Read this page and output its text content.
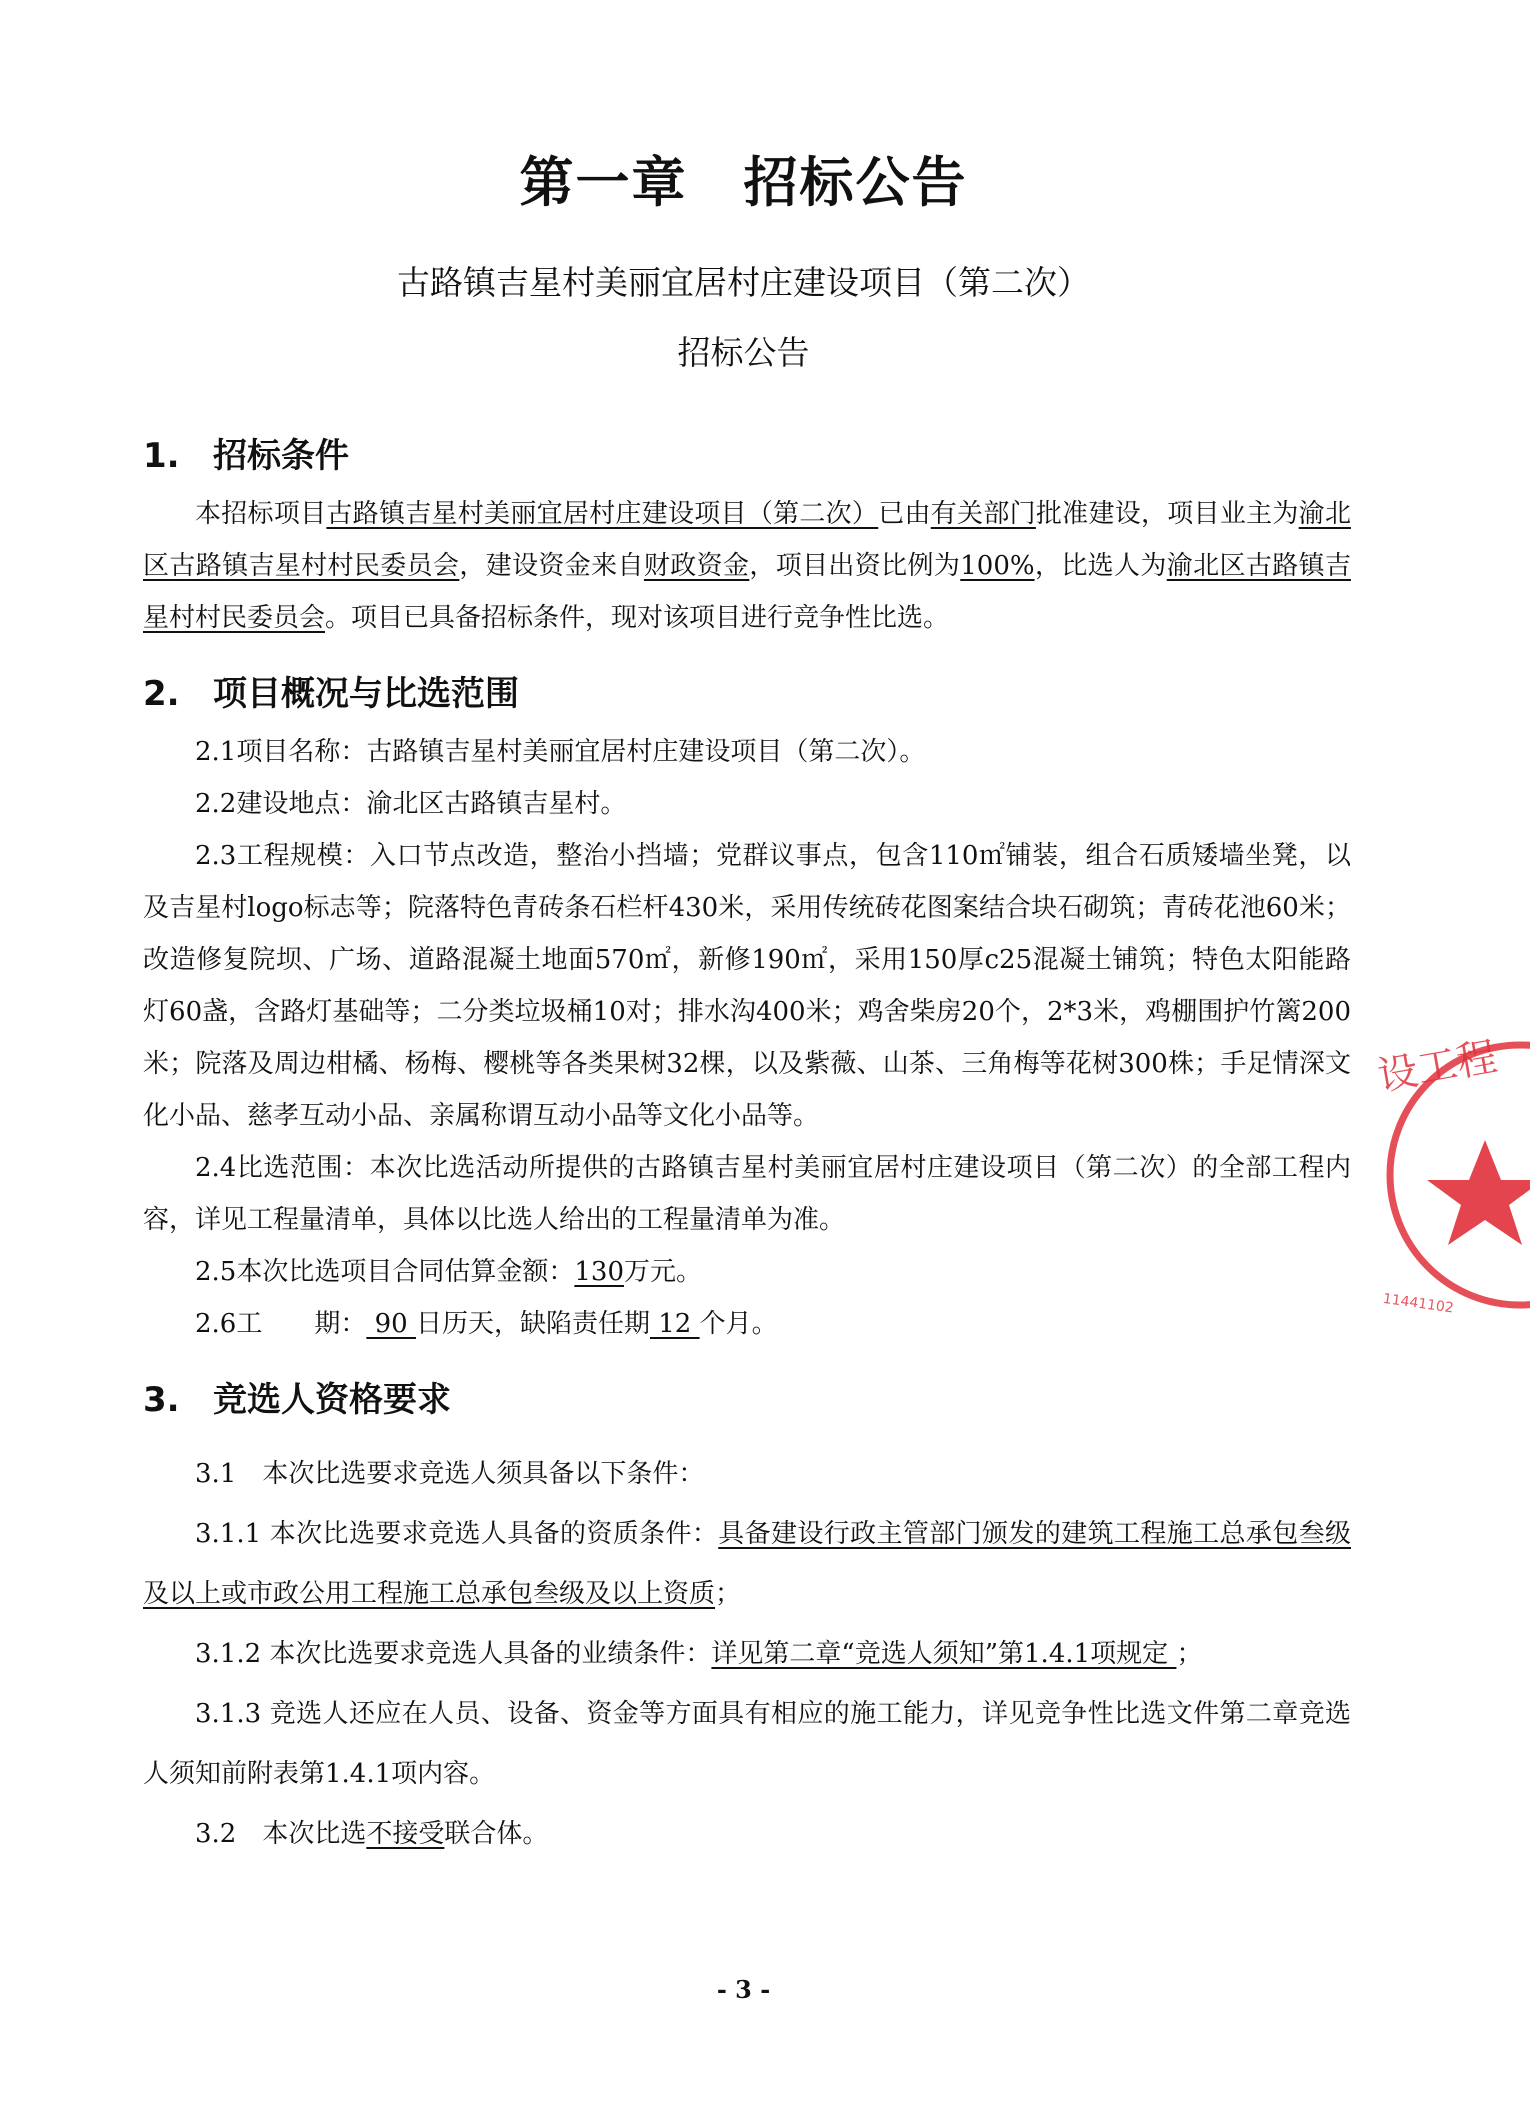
第一章　招标公告
古路镇吉星村美丽宜居村庄建设项目（第二次）
招标公告
1. 招标条件

本招标项目古路镇吉星村美丽宜居村庄建设项目（第二次）已由有关部门批准建设，项目业主为渝北区古路镇吉星村村民委员会，建设资金来自财政资金，项目出资比例为100%，比选人为渝北区古路镇吉星村村民委员会。项目已具备招标条件，现对该项目进行竞争性比选。

2. 项目概况与比选范围

2.1项目名称：古路镇吉星村美丽宜居村庄建设项目（第二次）。

2.2建设地点：渝北区古路镇吉星村。

2.3工程规模：入口节点改造，整治小挡墙；党群议事点，包含110㎡铺装，组合石质矮墙坐凳，以及吉星村logo标志等；院落特色青砖条石栏杆430米，采用传统砖花图案结合块石砌筑；青砖花池60米；改造修复院坝、广场、道路混凝土地面570㎡，新修190㎡，采用150厚c25混凝土铺筑；特色太阳能路灯60盏，含路灯基础等；二分类垃圾桶10对；排水沟400米；鸡舍柴房20个，2*3米，鸡棚围护竹篱200米；院落及周边柑橘、杨梅、樱桃等各类果树32棵，以及紫薇、山茶、三角梅等花树300株；手足情深文化小品、慈孝互动小品、亲属称谓互动小品等文化小品等。

2.4比选范围：本次比选活动所提供的古路镇吉星村美丽宜居村庄建设项目（第二次）的全部工程内容，详见工程量清单，具体以比选人给出的工程量清单为准。

2.5本次比选项目合同估算金额：130万元。

2.6工　　期： 90 日历天，缺陷责任期 12 个月。

3. 竞选人资格要求

3.1　本次比选要求竞选人须具备以下条件：

3.1.1 本次比选要求竞选人具备的资质条件：具备建设行政主管部门颁发的建筑工程施工总承包叁级及以上或市政公用工程施工总承包叁级及以上资质；

3.1.2 本次比选要求竞选人具备的业绩条件：详见第二章“竞选人须知”第1.4.1项规定 ；

3.1.3 竞选人还应在人员、设备、资金等方面具有相应的施工能力，详见竞争性比选文件第二章竞选人须知前附表第1.4.1项内容。

3.2　本次比选不接受联合体。

设工程
11441102
- 3 -
